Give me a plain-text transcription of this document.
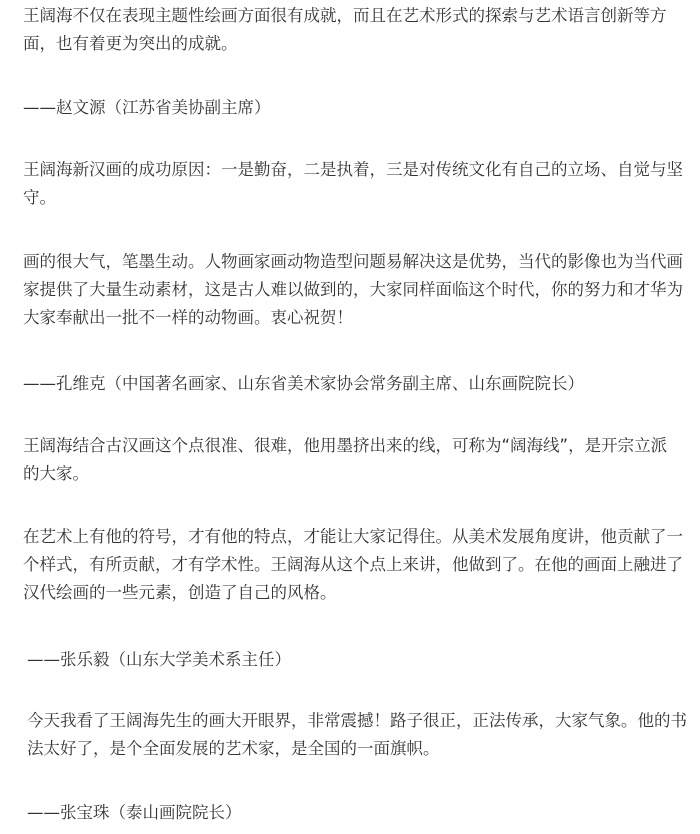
王阔海不仅在表现主题性绘画方面很有成就，而且在艺术形式的探索与艺术语言创新等方
面，也有着更为突出的成就。

——赵文源（江苏省美协副主席）

王阔海新汉画的成功原因：一是勤奋，二是执着，三是对传统文化有自己的立场、自觉与坚
守。

画的很大气，笔墨生动。人物画家画动物造型问题易解决这是优势，当代的影像也为当代画
家提供了大量生动素材，这是古人难以做到的，大家同样面临这个时代，你的努力和才华为
大家奉献出一批不一样的动物画。衷心祝贺！

——孔维克（中国著名画家、山东省美术家协会常务副主席、山东画院院长）

王阔海结合古汉画这个点很准、很难，他用墨挤出来的线，可称为“阔海线”，是开宗立派
的大家。

在艺术上有他的符号，才有他的特点，才能让大家记得住。从美术发展角度讲，他贡献了一
个样式，有所贡献，才有学术性。王阔海从这个点上来讲，他做到了。在他的画面上融进了
汉代绘画的一些元素，创造了自己的风格。

——张乐毅（山东大学美术系主任）

今天我看了王阔海先生的画大开眼界，非常震撼！路子很正，正法传承，大家气象。他的书
法太好了，是个全面发展的艺术家，是全国的一面旗帜。

——张宝珠（泰山画院院长）
